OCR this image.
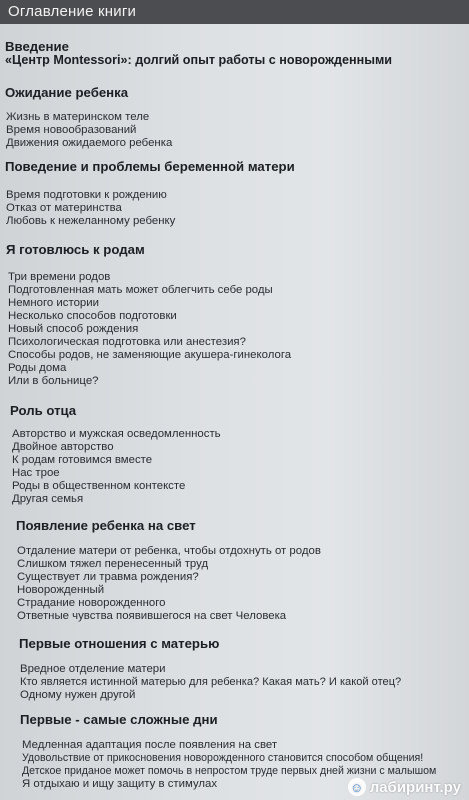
Оглавление книги
Введение
«Центр Montessori»: долгий опыт работы с новорожденными
Ожидание ребенка
Жизнь в материнском теле
Время новообразований
Движения ожидаемого ребенка
Поведение и проблемы беременной матери
Время подготовки к рождению
Отказ от материнства
Любовь к нежеланному ребенку
Я готовлюсь к родам
Три времени родов
Подготовленная мать может облегчить себе роды
Немного истории
Несколько способов подготовки
Новый способ рождения
Психологическая подготовка или анестезия?
Способы родов, не заменяющие акушера-гинеколога
Роды дома
Или в больнице?
Роль отца
Авторство и мужская осведомленность
Двойное авторство
К родам готовимся вместе
Нас трое
Роды в общественном контексте
Другая семья
Появление ребенка на свет
Отдаление матери от ребенка, чтобы отдохнуть от родов
Слишком тяжел перенесенный труд
Существует ли травма рождения?
Новорожденный
Страдание новорожденного
Ответные чувства появившегося на свет Человека
Первые отношения с матерью
Вредное отделение матери
Кто является истинной матерью для ребенка? Какая мать? И какой отец?
Одному нужен другой
Первые - самые сложные дни
Медленная адаптация после появления на свет
Удовольствие от прикосновения новорожденного становится способом общения!
Детское приданое может помочь в непростом труде первых дней жизни с малышом
Я отдыхаю и ищу защиту в стимулах	☺ лабиринт.ру
